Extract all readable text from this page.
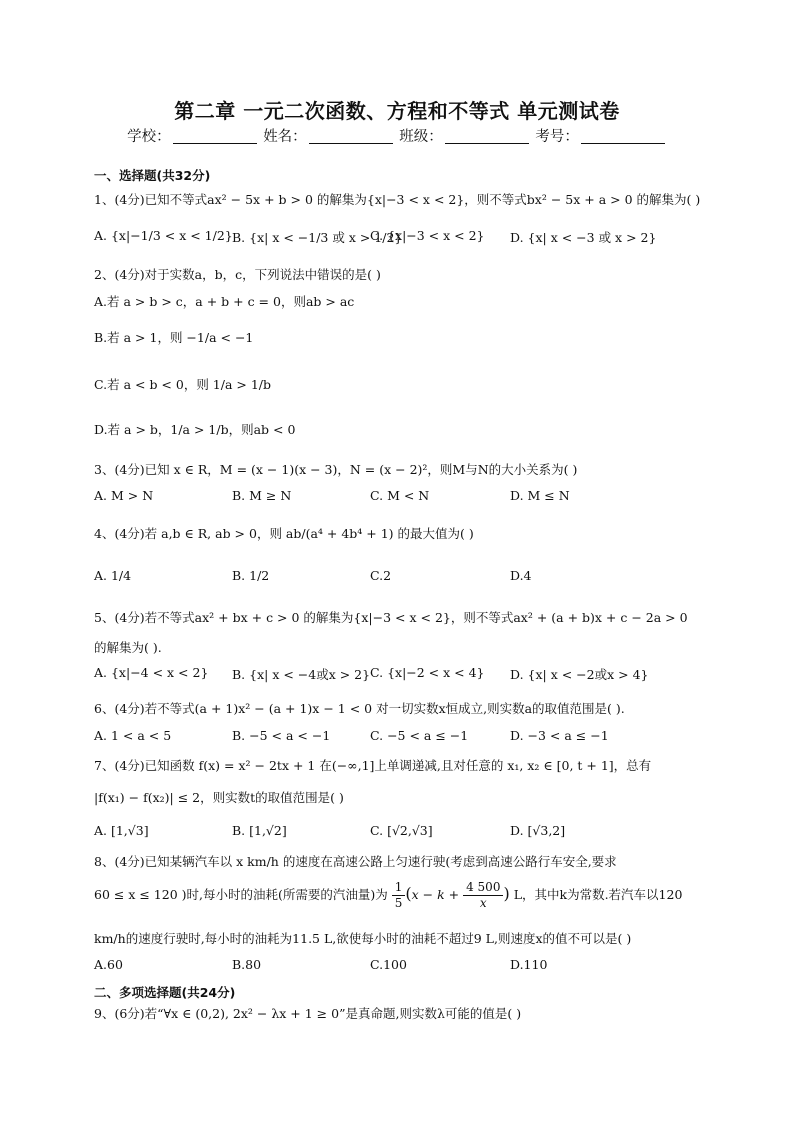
第二章 一元二次函数、方程和不等式 单元测试卷
学校：	姓名：	班级：	考号：
一、选择题(共32分)
1、(4分)已知不等式ax² − 5x + b > 0 的解集为{x|−3 < x < 2}，则不等式bx² − 5x + a > 0 的解集为( )
A. {x|−1/3 < x < 1/2} B. {x| x < −1/3 或 x > 1/2}
C. {x|−3 < x < 2} D. {x| x < −3 或 x > 2}
2、(4分)对于实数a，b，c，下列说法中错误的是( )
A.若 a > b > c，a + b + c = 0，则ab > ac
B.若 a > 1，则 −1/a < −1
C.若 a < b < 0，则 1/a > 1/b
D.若 a > b，1/a > 1/b，则ab < 0
3、(4分)已知 x ∈ R，M = (x − 1)(x − 3)，N = (x − 2)²，则M与N的大小关系为( )
A. M > N	B. M ≥ N	C. M < N	D. M ≤ N
4、(4分)若 a,b ∈ R, ab > 0，则 ab/(a⁴ + 4b⁴ + 1) 的最大值为( )
A. 1/4	B. 1/2	C.2	D.4
5、(4分)若不等式ax² + bx + c > 0 的解集为{x|−3 < x < 2}，则不等式ax² + (a + b)x + c − 2a > 0
的解集为( ).
A. {x|−4 < x < 2} B. {x| x < −4或x > 2} C. {x|−2 < x < 4} D. {x| x < −2或x > 4}
6、(4分)若不等式(a + 1)x² − (a + 1)x − 1 < 0 对一切实数x恒成立,则实数a的取值范围是( ).
A. 1 < a < 5	B. −5 < a < −1	C. −5 < a ≤ −1	D. −3 < a ≤ −1
7、(4分)已知函数 f(x) = x² − 2tx + 1 在(−∞,1]上单调递减,且对任意的 x₁, x₂ ∈ [0, t + 1]，总有
|f(x₁) − f(x₂)| ≤ 2，则实数t的取值范围是( )
A. [1,√3]	B. [1,√2]	C. [√2,√3]	D. [√3,2]
8、(4分)已知某辆汽车以 x km/h 的速度在高速公路上匀速行驶(考虑到高速公路行车安全,要求
60 ≤ x ≤ 120 )时,每小时的油耗(所需要的汽油量)为 $\frac{1}{5} (x - k + \frac{4 500}{x}$ ) L，其中k为常数.若汽车以120
km/h的速度行驶时,每小时的油耗为11.5 L,欲使每小时的油耗不超过9 L,则速度x的值不可以是( )
A.60	B.80	C.100	D.110
二、多项选择题(共24分)
9、(6分)若“∀x ∈ (0,2), 2x² − λx + 1 ≥ 0”是真命题,则实数λ可能的值是( )
